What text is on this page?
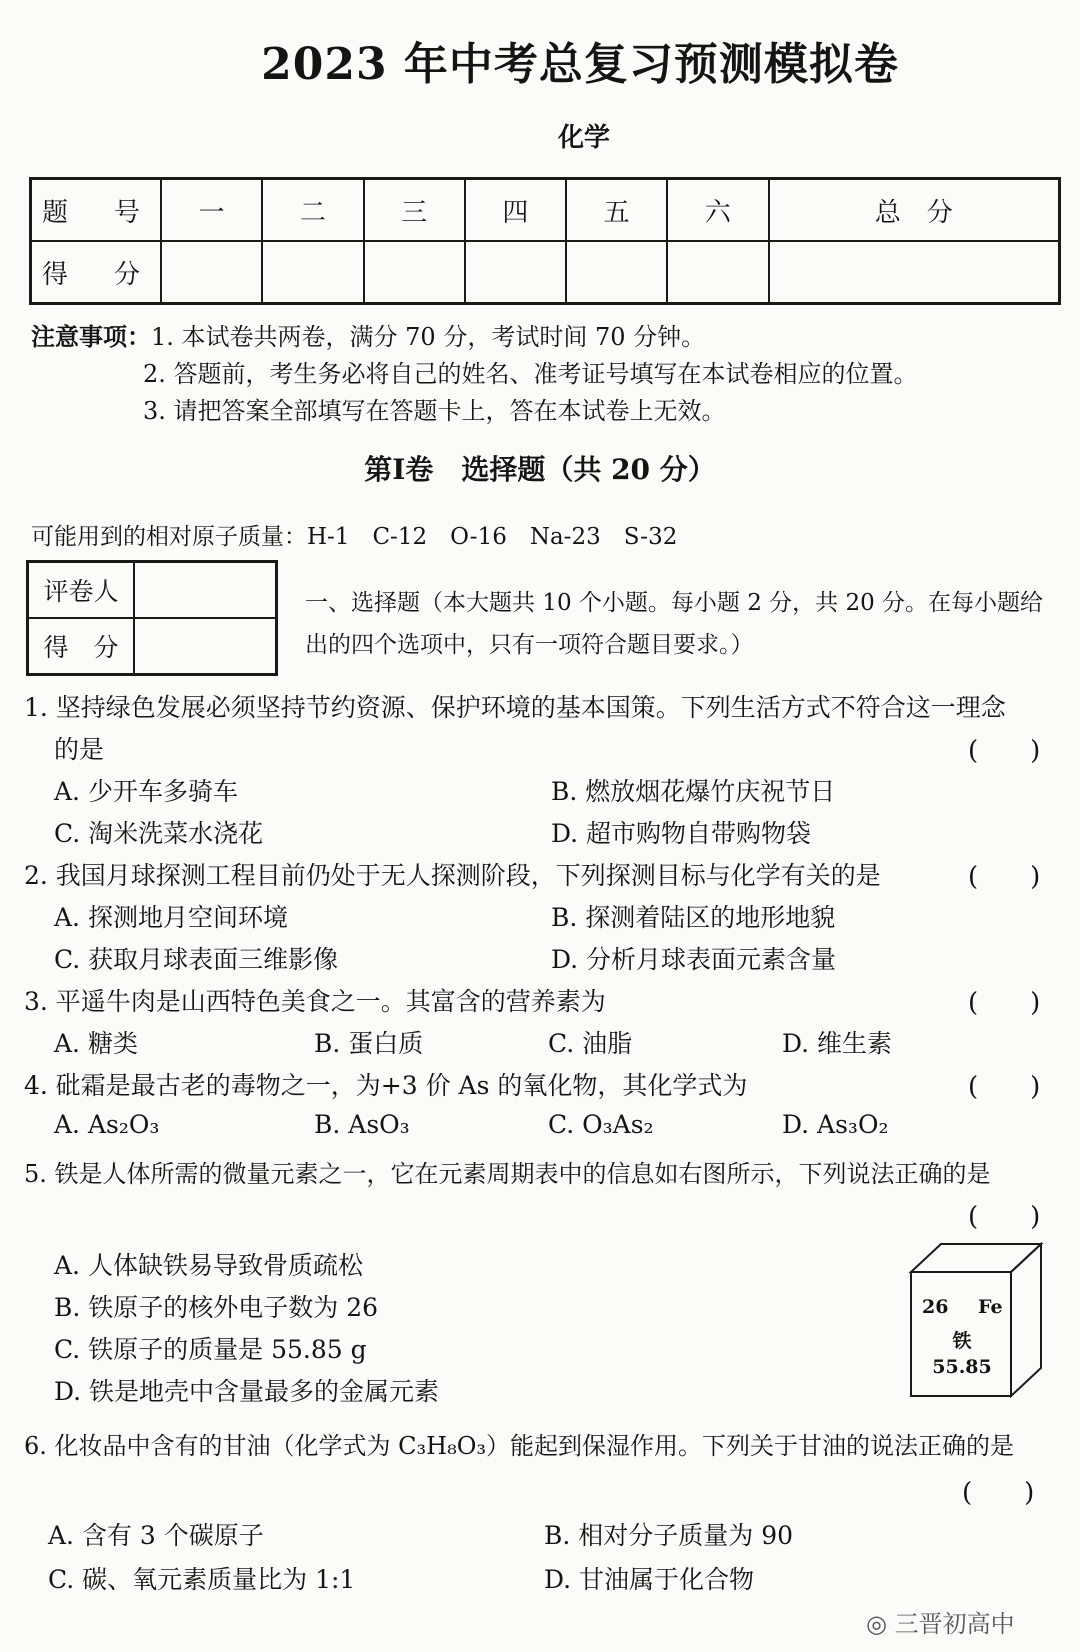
2023 年中考总复习预测模拟卷
化学
题　号	一	二	三	四	五	六	总　分
得　分							
注意事项：1. 本试卷共两卷，满分 70 分，考试时间 70 分钟。
2. 答题前，考生务必将自己的姓名、准考证号填写在本试卷相应的位置。
3. 请把答案全部填写在答题卡上，答在本试卷上无效。
第Ⅰ卷　选择题（共 20 分）
可能用到的相对原子质量：H-1　C-12　O-16　Na-23　S-32
评卷人	
得　分	
一、选择题（本大题共 10 个小题。每小题 2 分，共 20 分。在每小题给出的四个选项中，只有一项符合题目要求。）
1. 坚持绿色发展必须坚持节约资源、保护环境的基本国策。下列生活方式不符合这一理念
的是	(　　)
A. 少开车多骑车	B. 燃放烟花爆竹庆祝节日
C. 淘米洗菜水浇花	D. 超市购物自带购物袋
2. 我国月球探测工程目前仍处于无人探测阶段，下列探测目标与化学有关的是	(　　)
A. 探测地月空间环境	B. 探测着陆区的地形地貌
C. 获取月球表面三维影像	D. 分析月球表面元素含量
3. 平遥牛肉是山西特色美食之一。其富含的营养素为	(　　)
A. 糖类	B. 蛋白质	C. 油脂	D. 维生素
4. 砒霜是最古老的毒物之一，为+3 价 As 的氧化物，其化学式为	(　　)
A. As₂O₃	B. AsO₃	C. O₃As₂	D. As₃O₂
5. 铁是人体所需的微量元素之一，它在元素周期表中的信息如右图所示，下列说法正确的是
(　　)
A. 人体缺铁易导致骨质疏松
B. 铁原子的核外电子数为 26
C. 铁原子的质量是 55.85 g
D. 铁是地壳中含量最多的金属元素
26 Fe
铁
55.85
6. 化妆品中含有的甘油（化学式为 C₃H₈O₃）能起到保湿作用。下列关于甘油的说法正确的是
(　　)
A. 含有 3 个碳原子	B. 相对分子质量为 90
C. 碳、氧元素质量比为 1:1	D. 甘油属于化合物
◎ 三晋初高中
